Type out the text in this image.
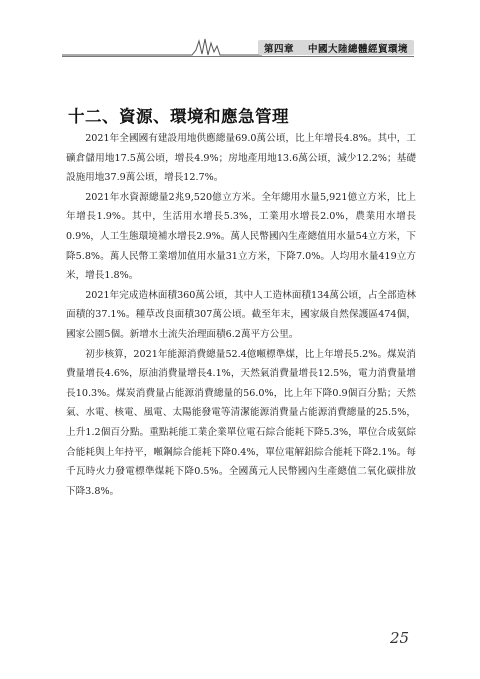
第四章 中國大陸總體經貿環境
十二、資源、環境和應急管理

2021年全國國有建設用地供應總量69.0萬公頃，比上年增長4.8%。其中，工礦倉儲用地17.5萬公頃，增長4.9%；房地產用地13.6萬公頃，減少12.2%；基礎設施用地37.9萬公頃，增長12.7%。

2021年水資源總量2兆9,520億立方米。全年總用水量5,921億立方米，比上年增長1.9%。其中，生活用水增長5.3%，工業用水增長2.0%，農業用水增長0.9%，人工生態環境補水增長2.9%。萬人民幣國內生產總值用水量54立方米，下降5.8%。萬人民幣工業增加值用水量31立方米，下降7.0%。人均用水量419立方米，增長1.8%。

2021年完成造林面積360萬公頃，其中人工造林面積134萬公頃，占全部造林面積的37.1%。種草改良面積307萬公頃。截至年末，國家級自然保護區474個，國家公園5個。新增水土流失治理面積6.2萬平方公里。

初步核算，2021年能源消費總量52.4億噸標準煤，比上年增長5.2%。煤炭消費量增長4.6%，原油消費量增長4.1%，天然氣消費量增長12.5%，電力消費量增長10.3%。煤炭消費量占能源消費總量的56.0%，比上年下降0.9個百分點；天然氣、水電、核電、風電、太陽能發電等清潔能源消費量占能源消費總量的25.5%，上升1.2個百分點。重點耗能工業企業單位電石綜合能耗下降5.3%，單位合成氨綜合能耗與上年持平，噸鋼綜合能耗下降0.4%，單位電解鋁綜合能耗下降2.1%。每千瓦時火力發電標準煤耗下降0.5%。全國萬元人民幣國內生產總值二氧化碳排放下降3.8%。

25
